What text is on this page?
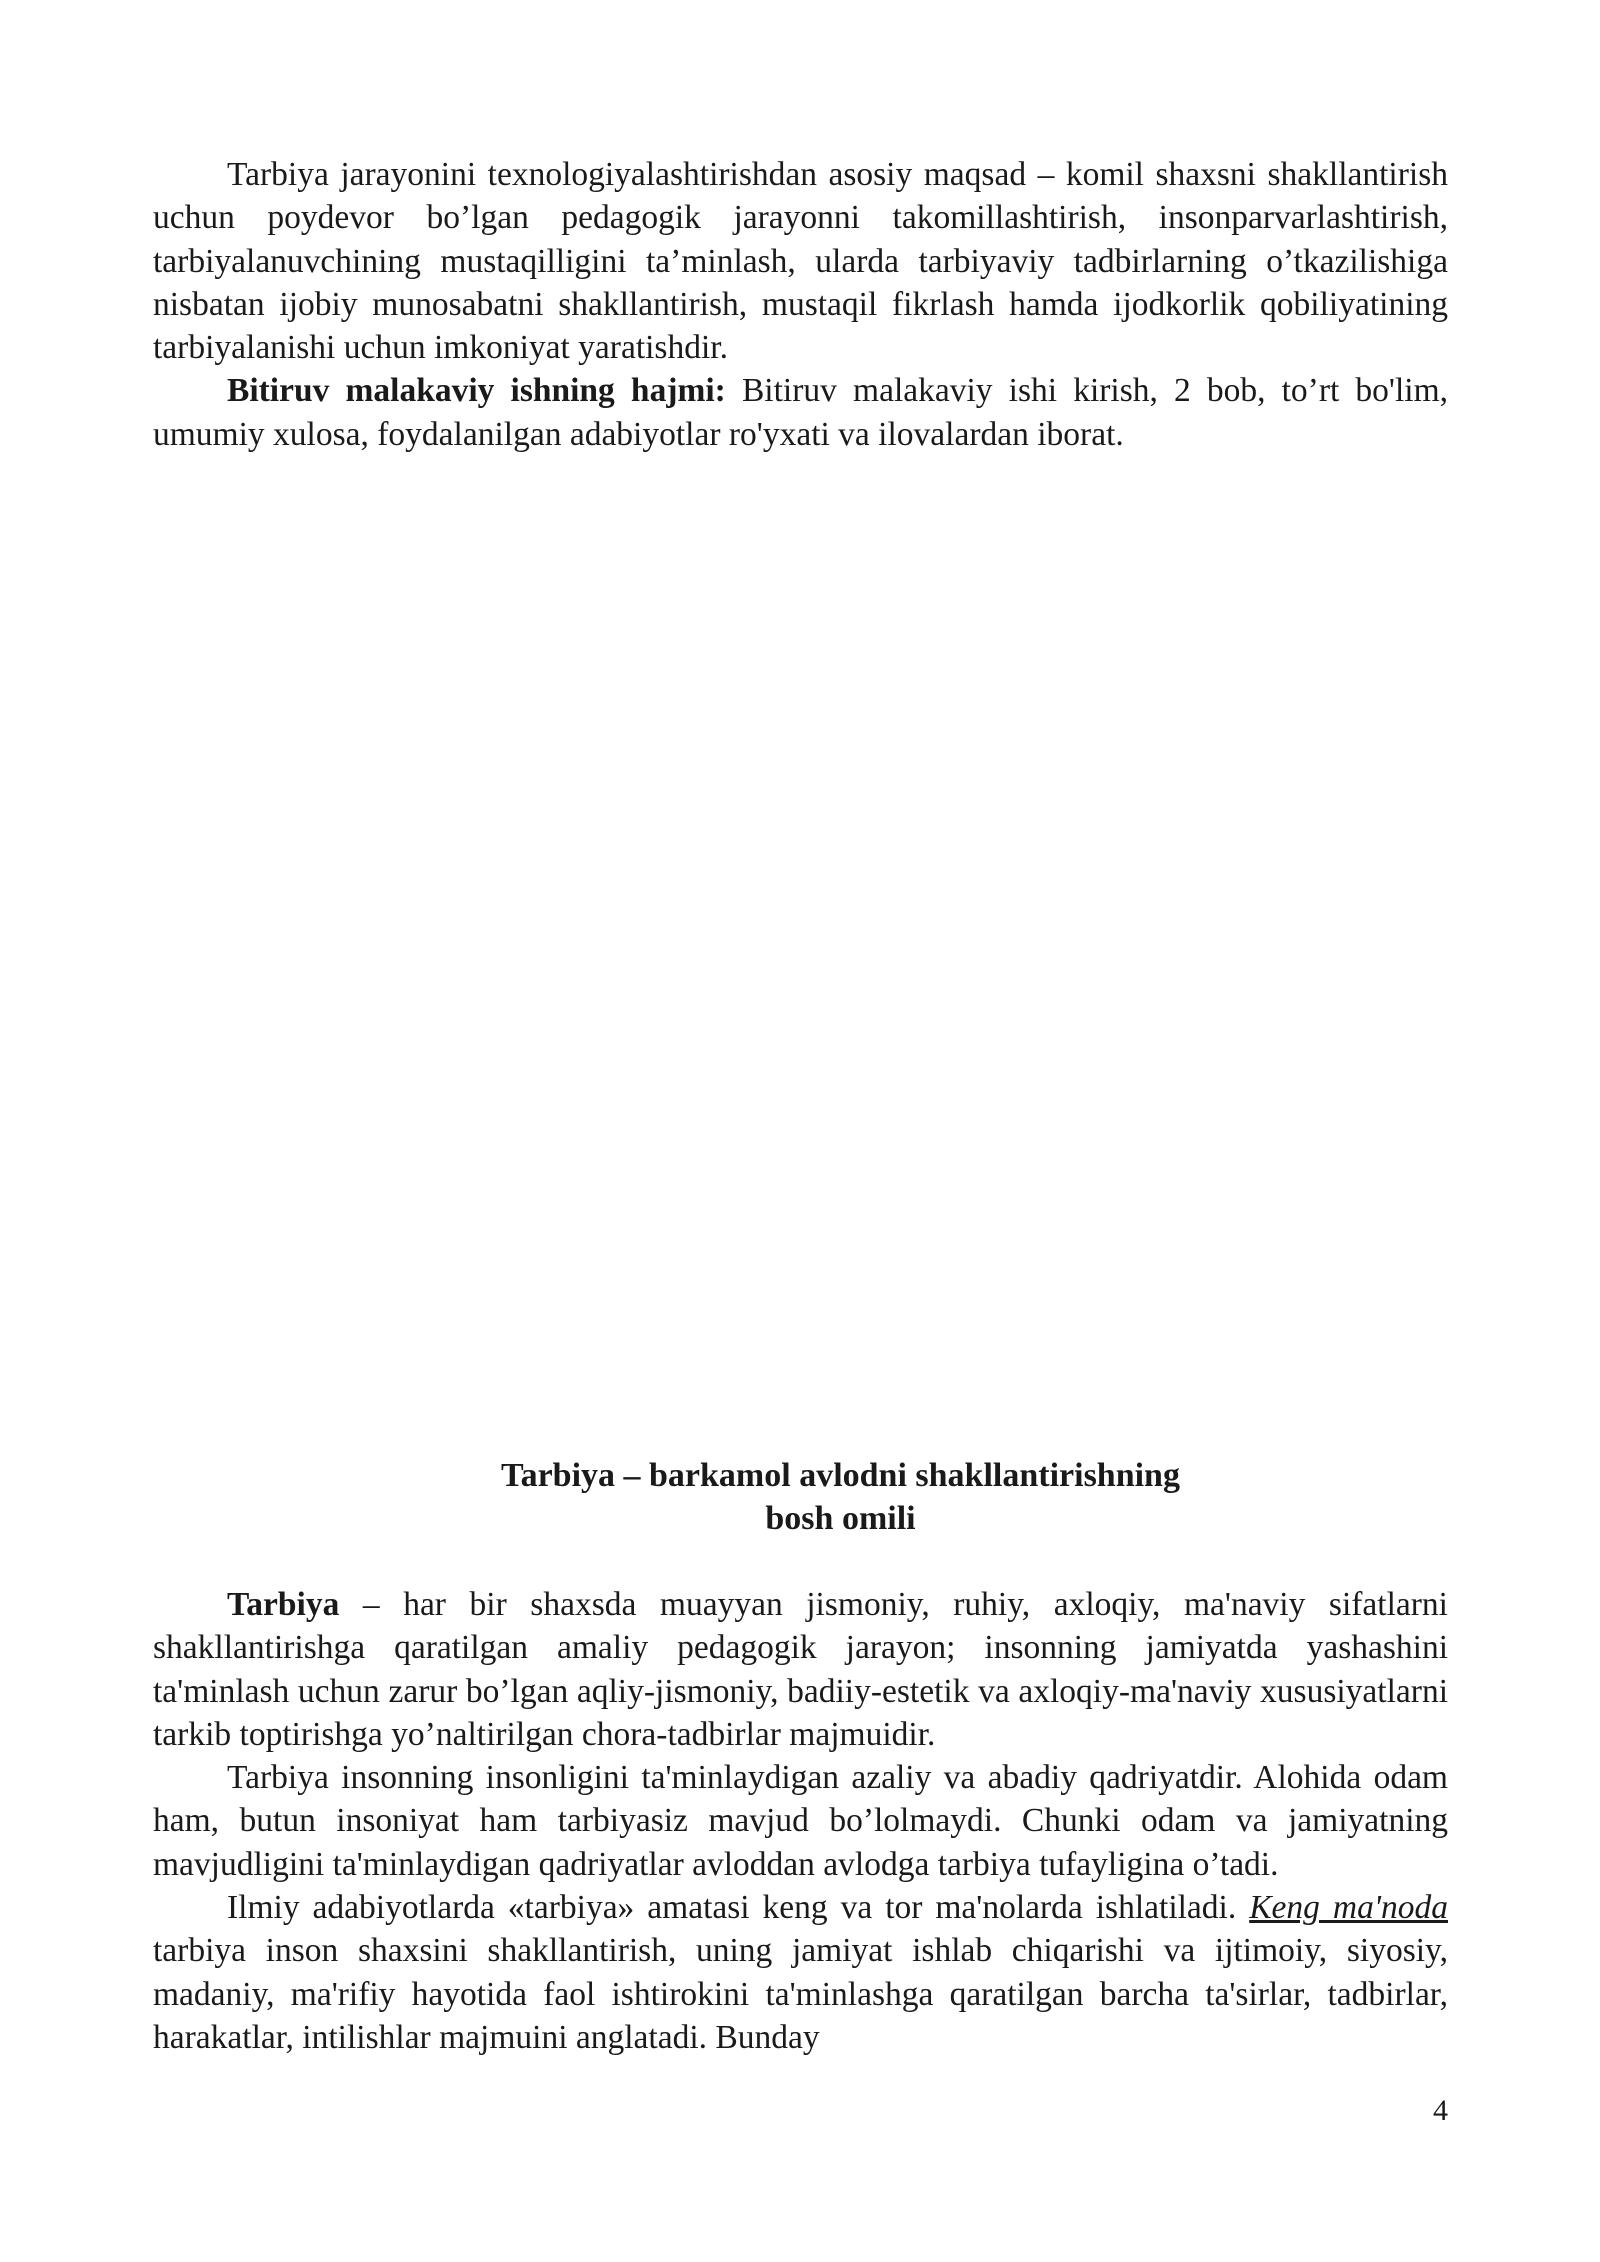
Tarbiya jarayonini texnologiyalashtirishdan asosiy maqsad – komil shaxsni shakllantirish uchun poydevor bo’lgan pedagogik jarayonni takomillashtirish, insonparvarlashtirish, tarbiyalanuvchining mustaqilligini ta’minlash, ularda tarbiyaviy tadbirlarning o’tkazilishiga nisbatan ijobiy munosabatni shakllantirish, mustaqil fikrlash hamda ijodkorlik qobiliyatining tarbiyalanishi uchun imkoniyat yaratishdir.

Bitiruv malakaviy ishning hajmi: Bitiruv malakaviy ishi kirish, 2 bob, to’rt bo'lim, umumiy xulosa, foydalanilgan adabiyotlar ro'yxati va ilovalardan iborat.

Tarbiya – barkamol avlodni shakllantirishning
bosh omili

Tarbiya – har bir shaxsda muayyan jismoniy, ruhiy, axloqiy, ma'naviy sifatlarni shakllantirishga qaratilgan amaliy pedagogik jarayon; insonning jamiyatda yashashini ta'minlash uchun zarur bo’lgan aqliy-jismoniy, badiiy-estetik va axloqiy-ma'naviy xususiyatlarni tarkib toptirishga yo’naltirilgan chora-tadbirlar majmuidir.

Tarbiya insonning insonligini ta'minlaydigan azaliy va abadiy qadriyatdir. Alohida odam ham, butun insoniyat ham tarbiyasiz mavjud bo’lolmaydi. Chunki odam va jamiyatning mavjudligini ta'minlaydigan qadriyatlar avloddan avlodga tarbiya tufayligina o’tadi.

Ilmiy adabiyotlarda «tarbiya» amatasi keng va tor ma'nolarda ishlatiladi. Keng ma'noda tarbiya inson shaxsini shakllantirish, uning jamiyat ishlab chiqarishi va ijtimoiy, siyosiy, madaniy, ma'rifiy hayotida faol ishtirokini ta'minlashga qaratilgan barcha ta'sirlar, tadbirlar, harakatlar, intilishlar majmuini anglatadi. Bunday

4
